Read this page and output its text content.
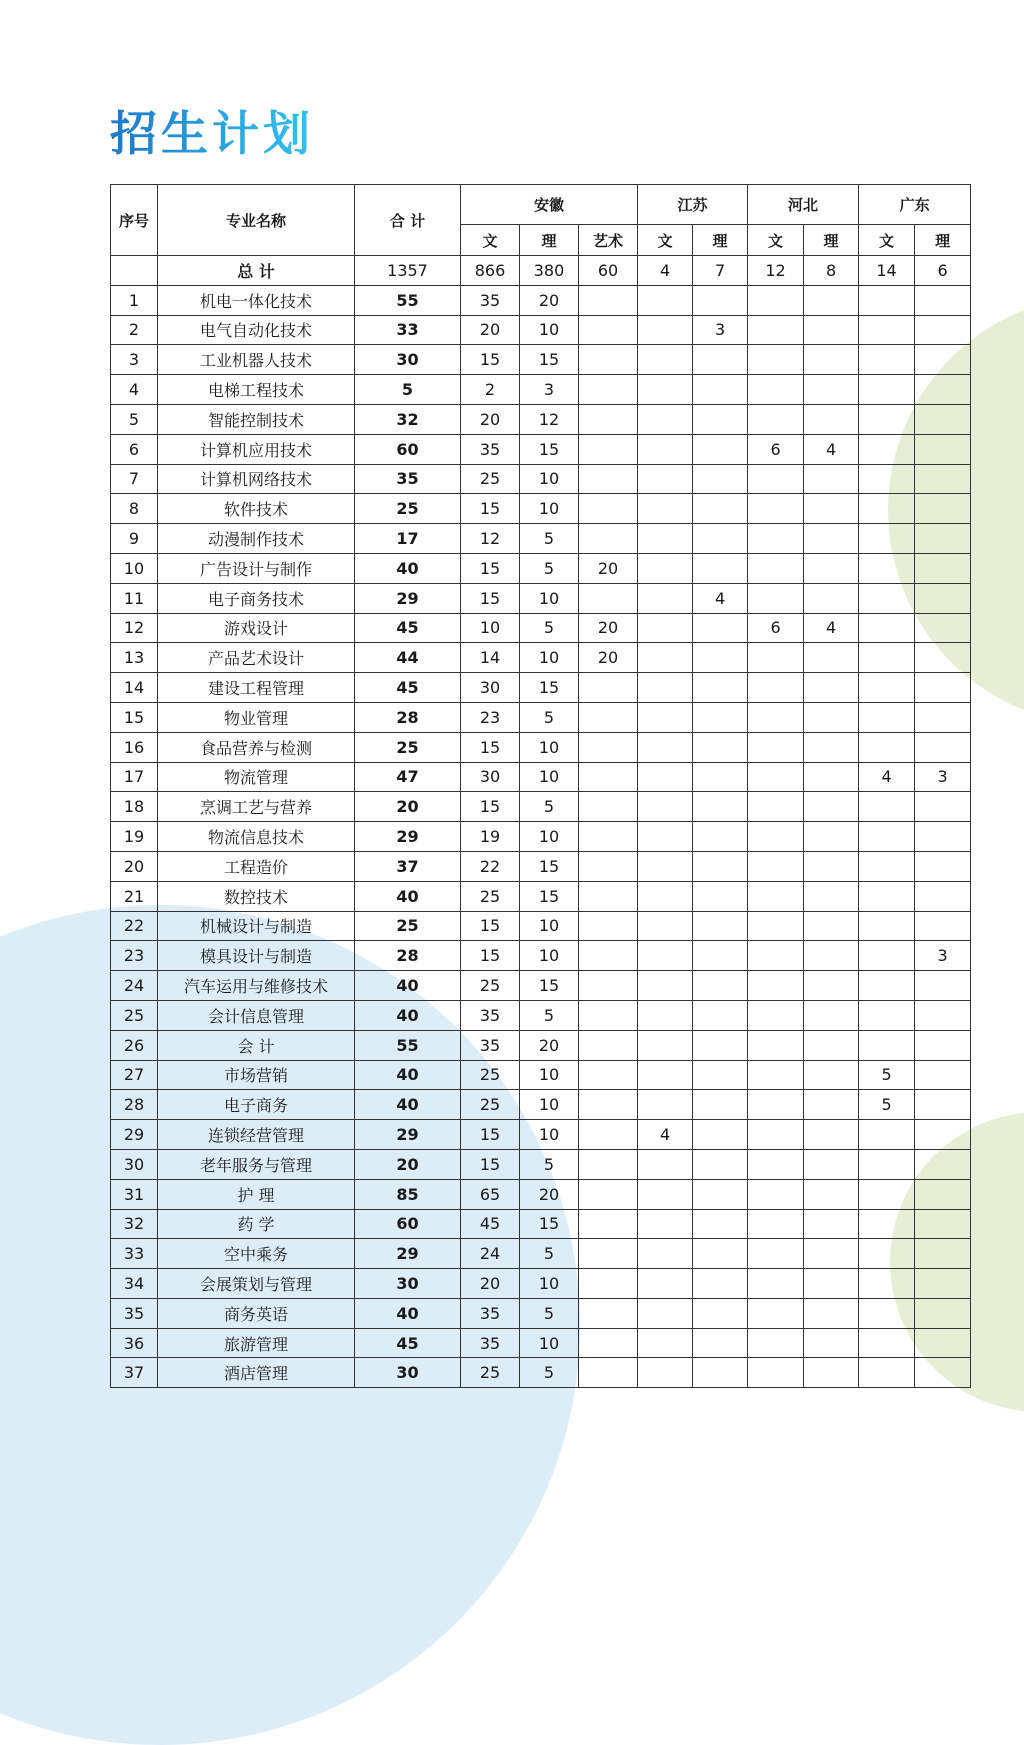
招生计划
序号	专业名称	合 计	安徽			江苏		河北		广东	
			文	理	艺术	文	理	文	理	文	理
	总 计	1357	866	380	60	4	7	12	8	14	6
1	机电一体化技术	55	35	20							
2	电气自动化技术	33	20	10			3				
3	工业机器人技术	30	15	15							
4	电梯工程技术	5	2	3							
5	智能控制技术	32	20	12							
6	计算机应用技术	60	35	15				6	4		
7	计算机网络技术	35	25	10							
8	软件技术	25	15	10							
9	动漫制作技术	17	12	5							
10	广告设计与制作	40	15	5	20						
11	电子商务技术	29	15	10			4				
12	游戏设计	45	10	5	20			6	4		
13	产品艺术设计	44	14	10	20						
14	建设工程管理	45	30	15							
15	物业管理	28	23	5							
16	食品营养与检测	25	15	10							
17	物流管理	47	30	10						4	3
18	烹调工艺与营养	20	15	5							
19	物流信息技术	29	19	10							
20	工程造价	37	22	15							
21	数控技术	40	25	15							
22	机械设计与制造	25	15	10							
23	模具设计与制造	28	15	10							3
24	汽车运用与维修技术	40	25	15							
25	会计信息管理	40	35	5							
26	会 计	55	35	20							
27	市场营销	40	25	10						5	
28	电子商务	40	25	10						5	
29	连锁经营管理	29	15	10		4					
30	老年服务与管理	20	15	5							
31	护 理	85	65	20							
32	药 学	60	45	15							
33	空中乘务	29	24	5							
34	会展策划与管理	30	20	10							
35	商务英语	40	35	5							
36	旅游管理	45	35	10							
37	酒店管理	30	25	5							
